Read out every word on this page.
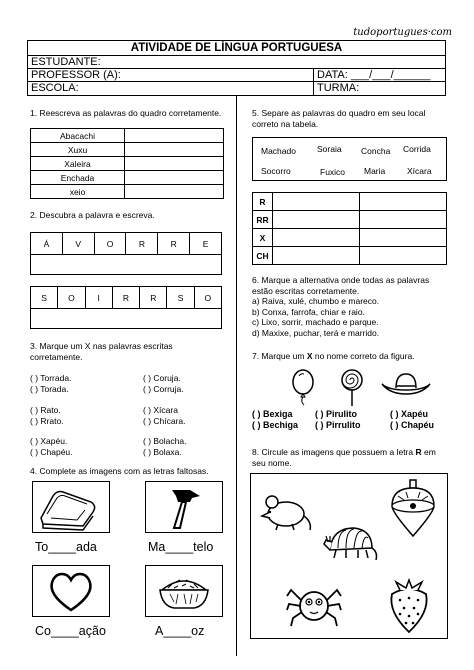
tudoportugues·com
ATIVIDADE DE LÍNGUA PORTUGUESA
ESTUDANTE:
PROFESSOR (A):	DATA: ___/___/______
ESCOLA:	TURMA:
1. Reescreva as palavras do quadro corretamente.
Abacachi	
Xuxu	
Xaleira	
Enchada	
xeio	
2. Descubra a palavra e escreva.
Á	V	O	R	R	E
S	O	I	R	R	S	O
3. Marque um X nas palavras escritas
corretamente.
( ) Torrada.	( ) Coruja.
( ) Torada.	( ) Corruja.
( ) Rato.	( ) Xícara
( ) Rrato.	( ) Chícara.
( ) Xapéu.	( ) Bolacha.
( ) Chapéu.	( ) Bolaxa.
4. Complete as imagens com as letras faltosas.
To____ada	Ma____telo
Co____ação	A____oz
5. Separe as palavras do quadro em seu local
correto na tabela.
Machado Soraia Concha Corrida
Socorro	Fuxico Maria	Xícara
R		
RR		
X		
CH		
6. Marque a alternativa onde todas as palavras
estão escritas corretamente.
a) Raiva, xulé, chumbo e mareco.
b) Conxa, farrofa, chiar e raio.
c) Lixo, sorrir, machado e parque.
d) Maxixe, puchar, terá e marrido.
7. Marque um X no nome correto da figura.
( ) Bexiga ( ) Pirulito	( ) Xapéu
( ) Bechiga ( ) Pirrulito	( ) Chapéu
8. Circule as imagens que possuem a letra R em
seu nome.
